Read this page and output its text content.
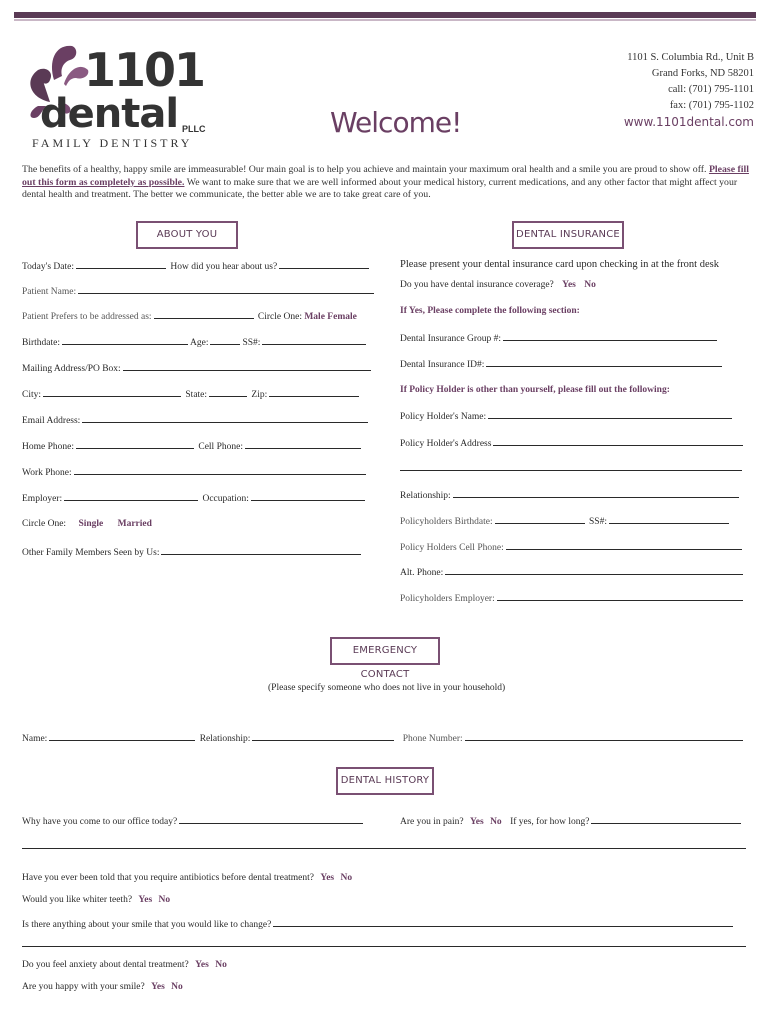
1101
dental PLLC
FAMILY DENTISTRY
Welcome!
1101 S. Columbia Rd., Unit B
Grand Forks, ND 58201
call: (701) 795-1101
fax: (701) 795-1102
www.1101dental.com
The benefits of a healthy, happy smile are immeasurable! Our main goal is to help you achieve and maintain your maximum oral health and a smile you are proud to show off. Please fill out this form as completely as possible. We want to make sure that we are well informed about your medical history, current medications, and any other factor that might affect your dental health and treatment. The better we communicate, the better able we are to take great care of you.
ABOUT YOU	DENTAL INSURANCE
EMERGENCY CONTACT
DENTAL HISTORY
Today's Date:	How did you hear about us?
Patient Name:
Patient Prefers to be addressed as:	Circle One: Male Female
Birthdate:	Age:	SS#:
Mailing Address/PO Box:
City:	State:	Zip:
Email Address:
Home Phone:	Cell Phone:
Work Phone:
Employer:	Occupation:
Circle One: Single Married
Other Family Members Seen by Us:
Please present your dental insurance card upon checking in at the front desk
Do you have dental insurance coverage? Yes No
If Yes, Please complete the following section:
Dental Insurance Group #:
Dental Insurance ID#:
If Policy Holder is other than yourself, please fill out the following:
Policy Holder's Name:
Policy Holder's Address
Relationship:
Policyholders Birthdate:	SS#:
Policy Holders Cell Phone:
Alt. Phone:
Policyholders Employer:
(Please specify someone who does not live in your household)
Name:	Relationship:	Phone Number:
Why have you come to our office today?	Are you in pain? Yes No If yes, for how long?
Have you ever been told that you require antibiotics before dental treatment? Yes No
Would you like whiter teeth? Yes No
Is there anything about your smile that you would like to change?
Do you feel anxiety about dental treatment? Yes No
Are you happy with your smile? Yes No
